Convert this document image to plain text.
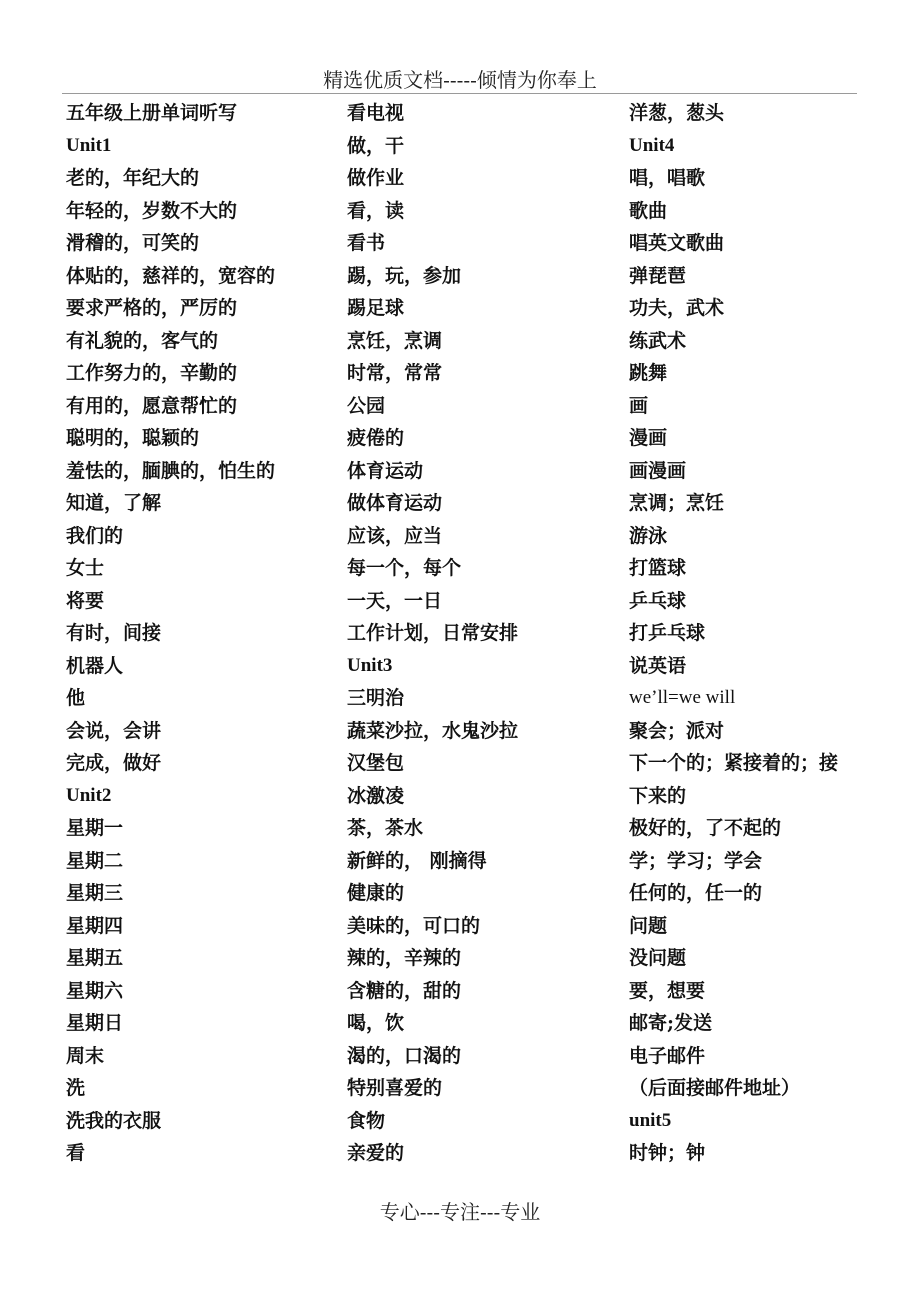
精选优质文档-----倾情为你奉上
五年级上册单词听写
Unit1
老的，年纪大的
年轻的，岁数不大的
滑稽的，可笑的
体贴的，慈祥的，宽容的
要求严格的，严厉的
有礼貌的，客气的
工作努力的，辛勤的
有用的，愿意帮忙的
聪明的，聪颖的
羞怯的，腼腆的，怕生的
知道，了解
我们的
女士
将要
有时，间接
机器人
他
会说，会讲
完成，做好
Unit2
星期一
星期二
星期三
星期四
星期五
星期六
星期日
周末
洗
洗我的衣服
看
看电视
做，干
做作业
看，读
看书
踢，玩，参加
踢足球
烹饪，烹调
时常，常常
公园
疲倦的
体育运动
做体育运动
应该，应当
每一个，每个
一天，一日
工作计划，日常安排
Unit3
三明治
蔬菜沙拉，水鬼沙拉
汉堡包
冰激凌
茶，茶水
新鲜的， 刚摘得
健康的
美味的，可口的
辣的，辛辣的
含糖的，甜的
喝，饮
渴的，口渴的
特别喜爱的
食物
亲爱的
洋葱，葱头
Unit4
唱，唱歌
歌曲
唱英文歌曲
弹琵琶
功夫，武术
练武术
跳舞
画
漫画
画漫画
烹调；烹饪
游泳
打篮球
乒乓球
打乒乓球
说英语
we’ll=we will
聚会；派对
下一个的；紧接着的；接
下来的
极好的，了不起的
学；学习；学会
任何的，任一的
问题
没问题
要，想要
邮寄;发送
电子邮件
（后面接邮件地址）
unit5
时钟；钟
专心---专注---专业
